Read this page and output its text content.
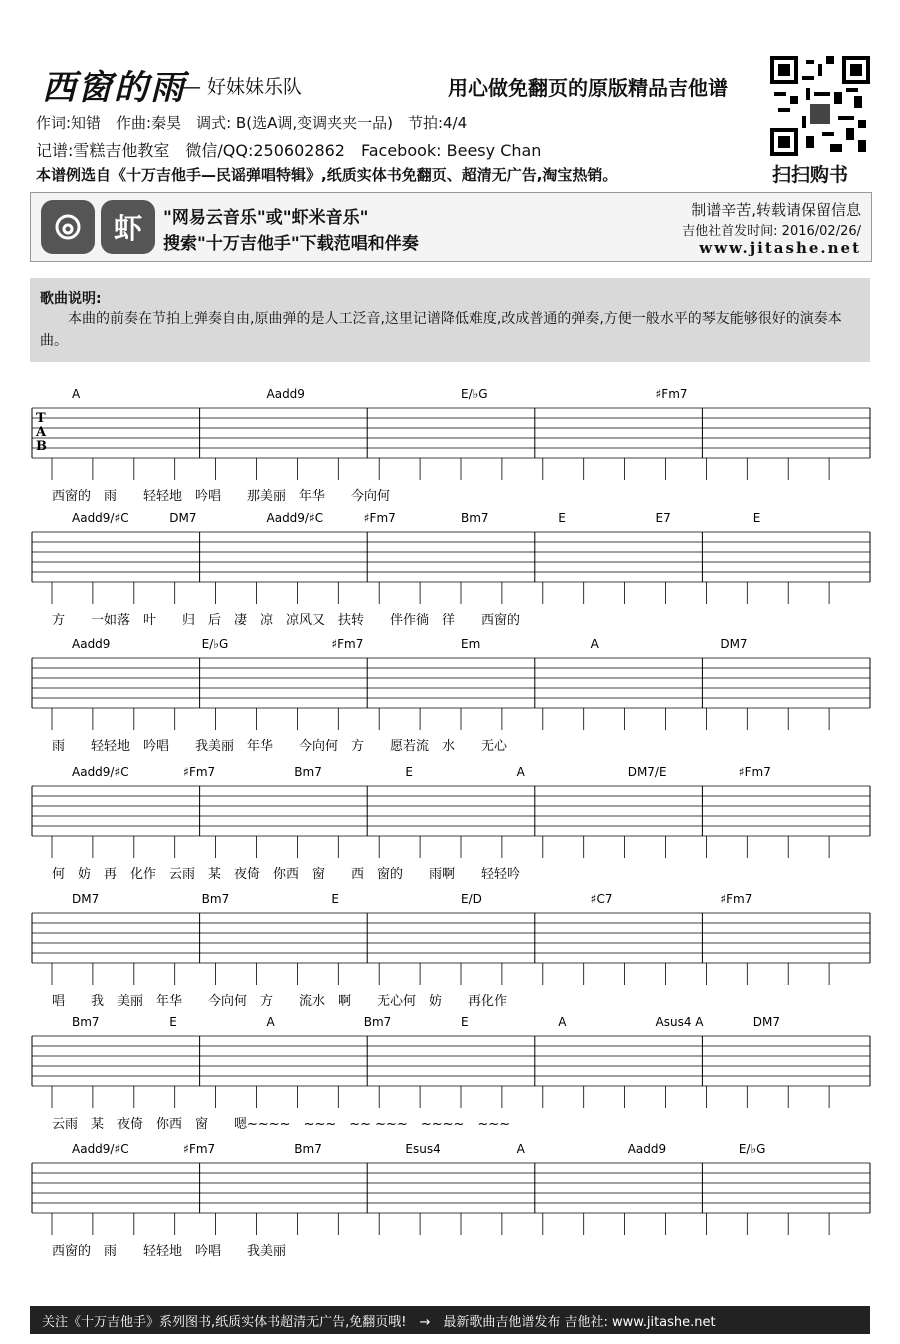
西窗的雨
— 好妹妹乐队	用心做免翻页的原版精品吉他谱
作词:知错　作曲:秦昊　调式: B(选A调,变调夹夹一品)　节拍:4/4
记谱:雪糕吉他教室　微信/QQ:250602862　Facebook: Beesy Chan
本谱例选自《十万吉他手—民谣弹唱特辑》,纸质实体书免翻页、超清无广告,淘宝热销。	扫扫购书
虾	"网易云音乐"或"虾米音乐"
搜索"十万吉他手"下载范唱和伴奏
制谱辛苦,转载请保留信息
吉他社首发时间: 2016/02/26/
www.jitashe.net
歌曲说明:
本曲的前奏在节拍上弹奏自由,原曲弹的是人工泛音,这里记谱降低难度,改成普通的弹奏,方便一般水平的琴友能够很好的演奏本曲。
T
A
B
A	Aadd9	E/♭G	♯Fm7
西窗的　雨　　轻轻地　吟唱　　那美丽　年华　　今向何
Aadd9/♯C	DM7	Aadd9/♯C	♯Fm7	Bm7	E	E7	E
方　　一如落　叶　　归　后　凄　凉　凉风又　扶转　　伴作徜　徉　　西窗的
Aadd9	E/♭G	♯Fm7	Em	A	DM7
雨　　轻轻地　吟唱　　我美丽　年华　　今向何　方　　愿若流　水　　无心
Aadd9/♯C	♯Fm7	Bm7	E	A	DM7/E	♯Fm7
何　妨　再　化作　云雨　某　夜倚　你西　窗　　西　窗的　　雨啊　　轻轻吟
DM7	Bm7	E	E/D	♯C7	♯Fm7
唱　　我　美丽　年华　　今向何　方　　流水　啊　　无心何　妨　　再化作
Bm7	E	A	Bm7	E	A	Asus4 A	DM7
云雨　某　夜倚　你西　窗　　嗯~~~~　~~~　~~ ~~~　~~~~　~~~
Aadd9/♯C	♯Fm7	Bm7	Esus4	A	Aadd9	E/♭G
西窗的　雨　　轻轻地　吟唱　　我美丽
关注《十万吉他手》系列图书,纸质实体书超清无广告,免翻页哦!　→　最新歌曲吉他谱发布 吉他社: www.jitashe.net
